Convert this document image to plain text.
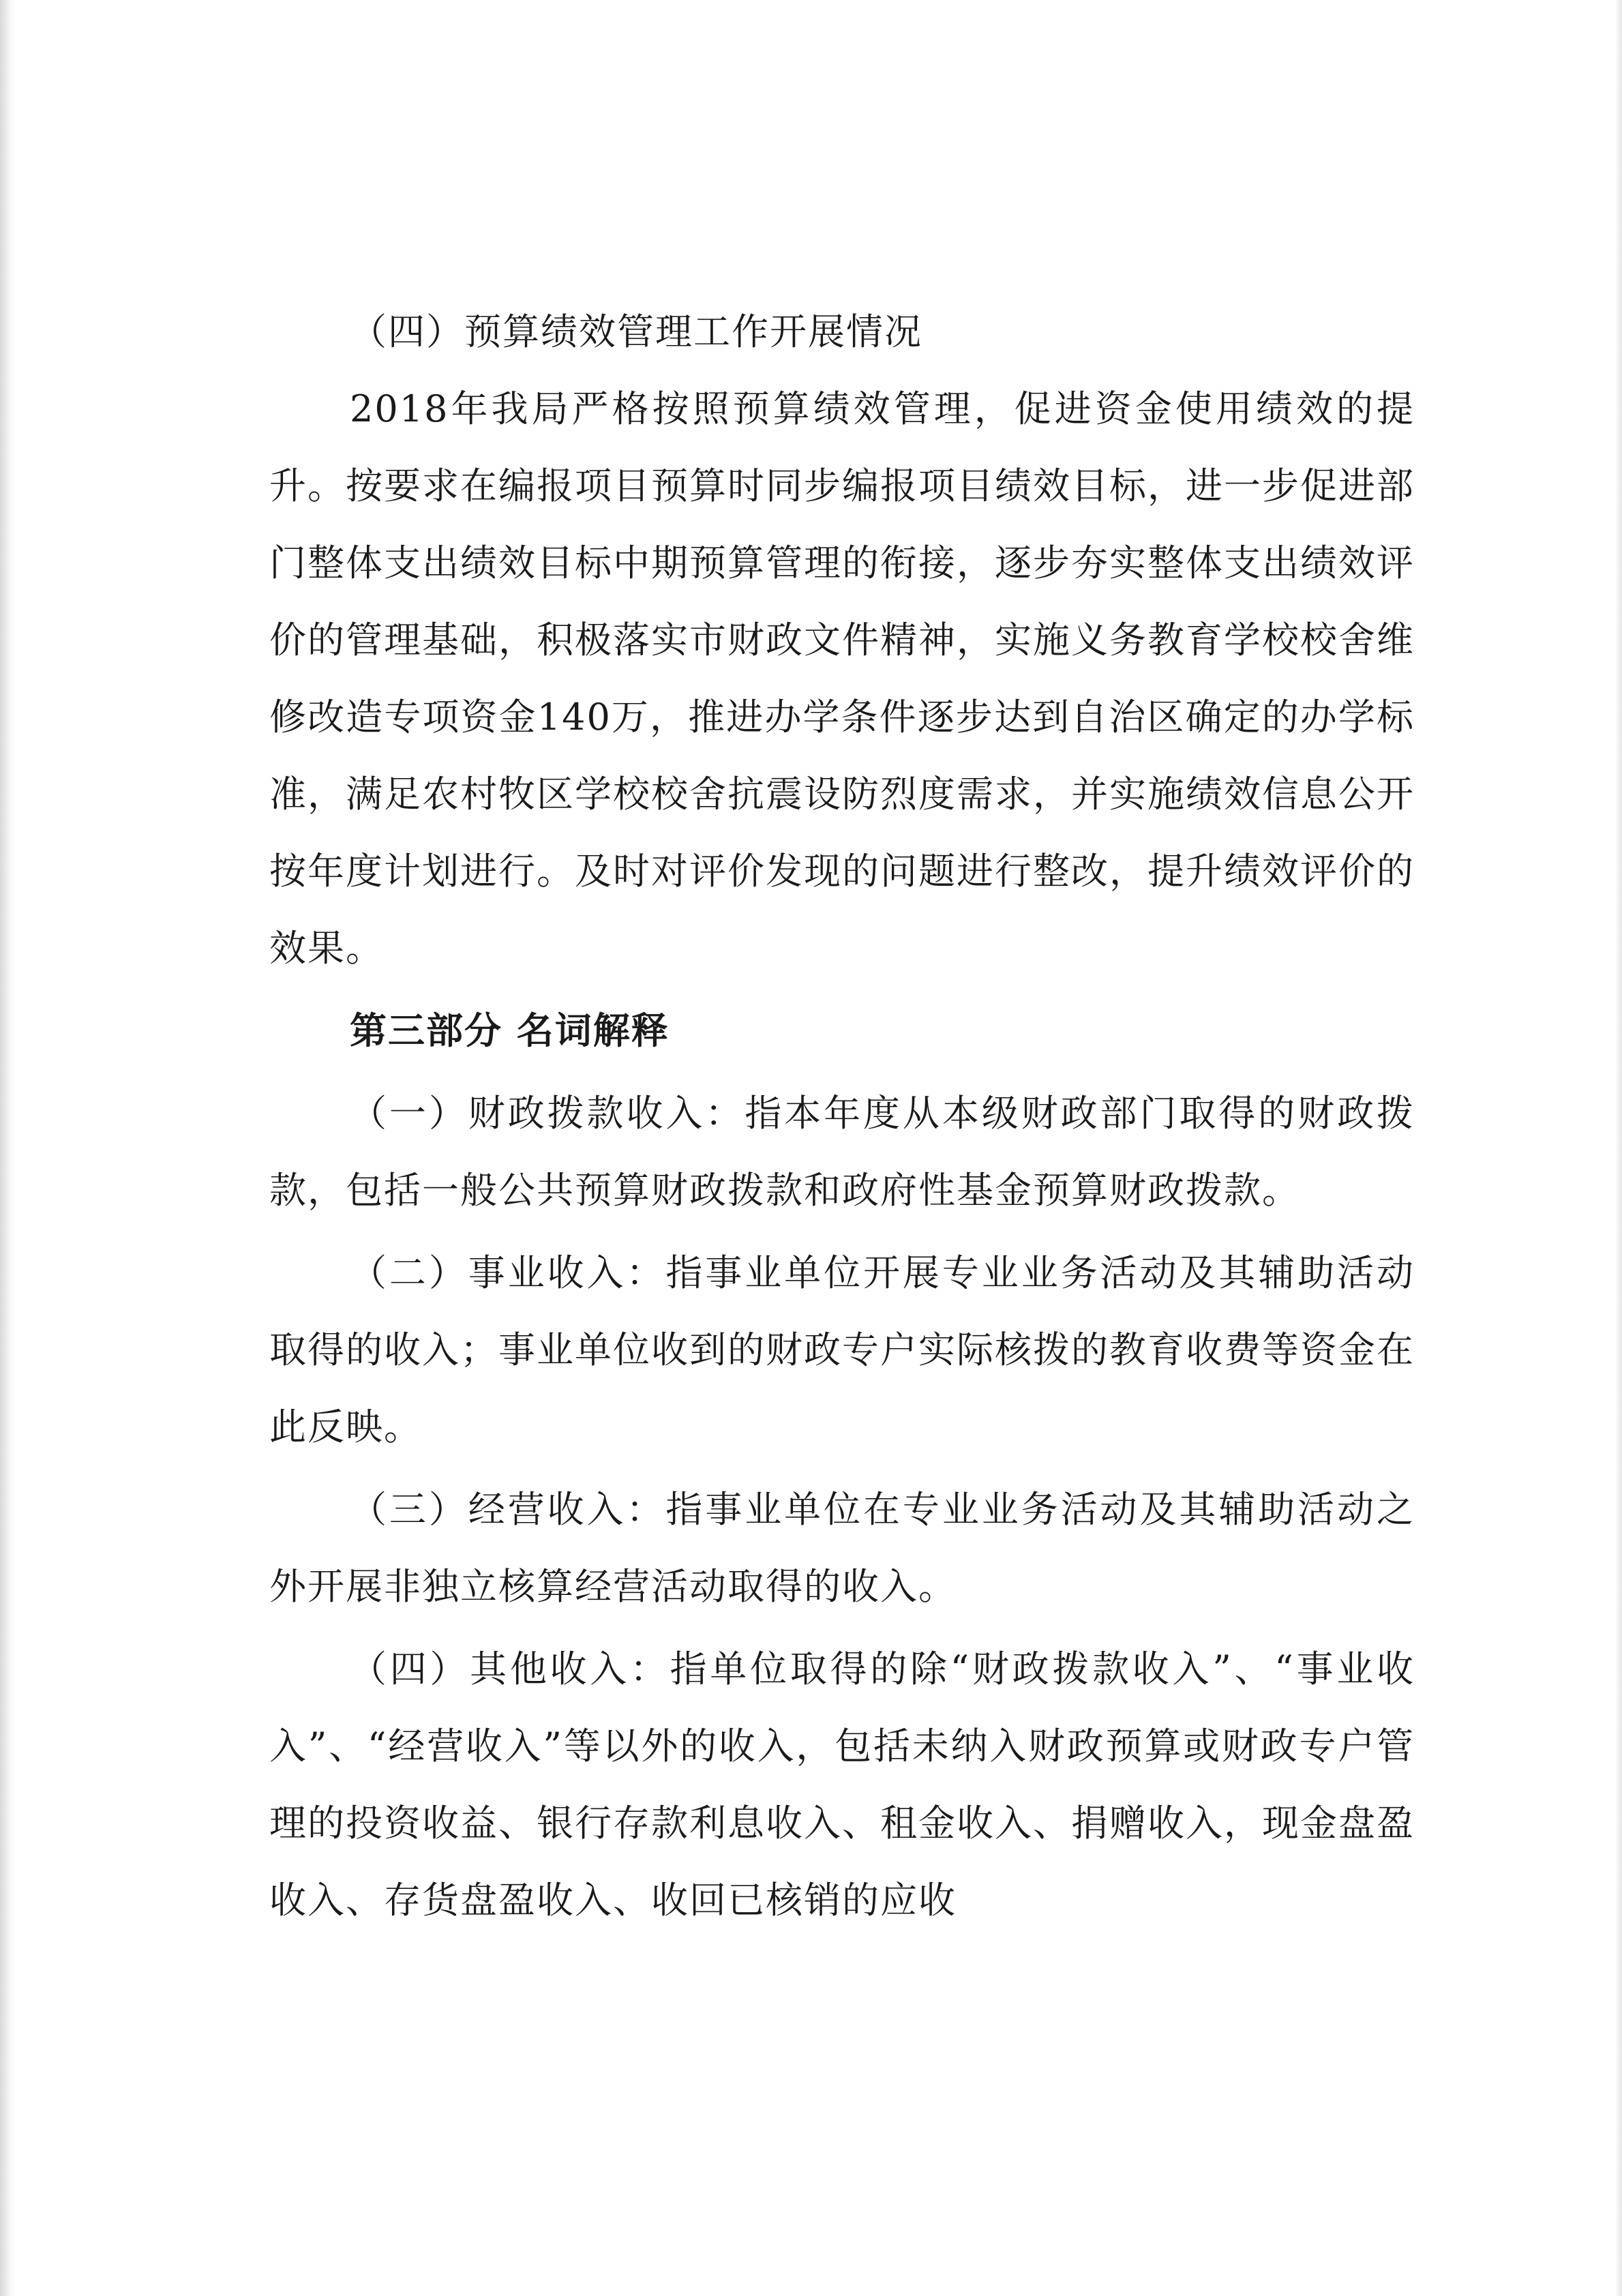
（四）预算绩效管理工作开展情况

2018年我局严格按照预算绩效管理，促进资金使用绩效的提升。按要求在编报项目预算时同步编报项目绩效目标，进一步促进部门整体支出绩效目标中期预算管理的衔接，逐步夯实整体支出绩效评价的管理基础，积极落实市财政文件精神，实施义务教育学校校舍维修改造专项资金140万，推进办学条件逐步达到自治区确定的办学标准，满足农村牧区学校校舍抗震设防烈度需求，并实施绩效信息公开按年度计划进行。及时对评价发现的问题进行整改，提升绩效评价的效果。

第三部分 名词解释

（一）财政拨款收入：指本年度从本级财政部门取得的财政拨款，包括一般公共预算财政拨款和政府性基金预算财政拨款。

（二）事业收入：指事业单位开展专业业务活动及其辅助活动取得的收入；事业单位收到的财政专户实际核拨的教育收费等资金在此反映。

（三）经营收入：指事业单位在专业业务活动及其辅助活动之外开展非独立核算经营活动取得的收入。

（四）其他收入：指单位取得的除“财政拨款收入”、“事业收入”、“经营收入”等以外的收入，包括未纳入财政预算或财政专户管理的投资收益、银行存款利息收入、租金收入、捐赠收入，现金盘盈收入、存货盘盈收入、收回已核销的应收
